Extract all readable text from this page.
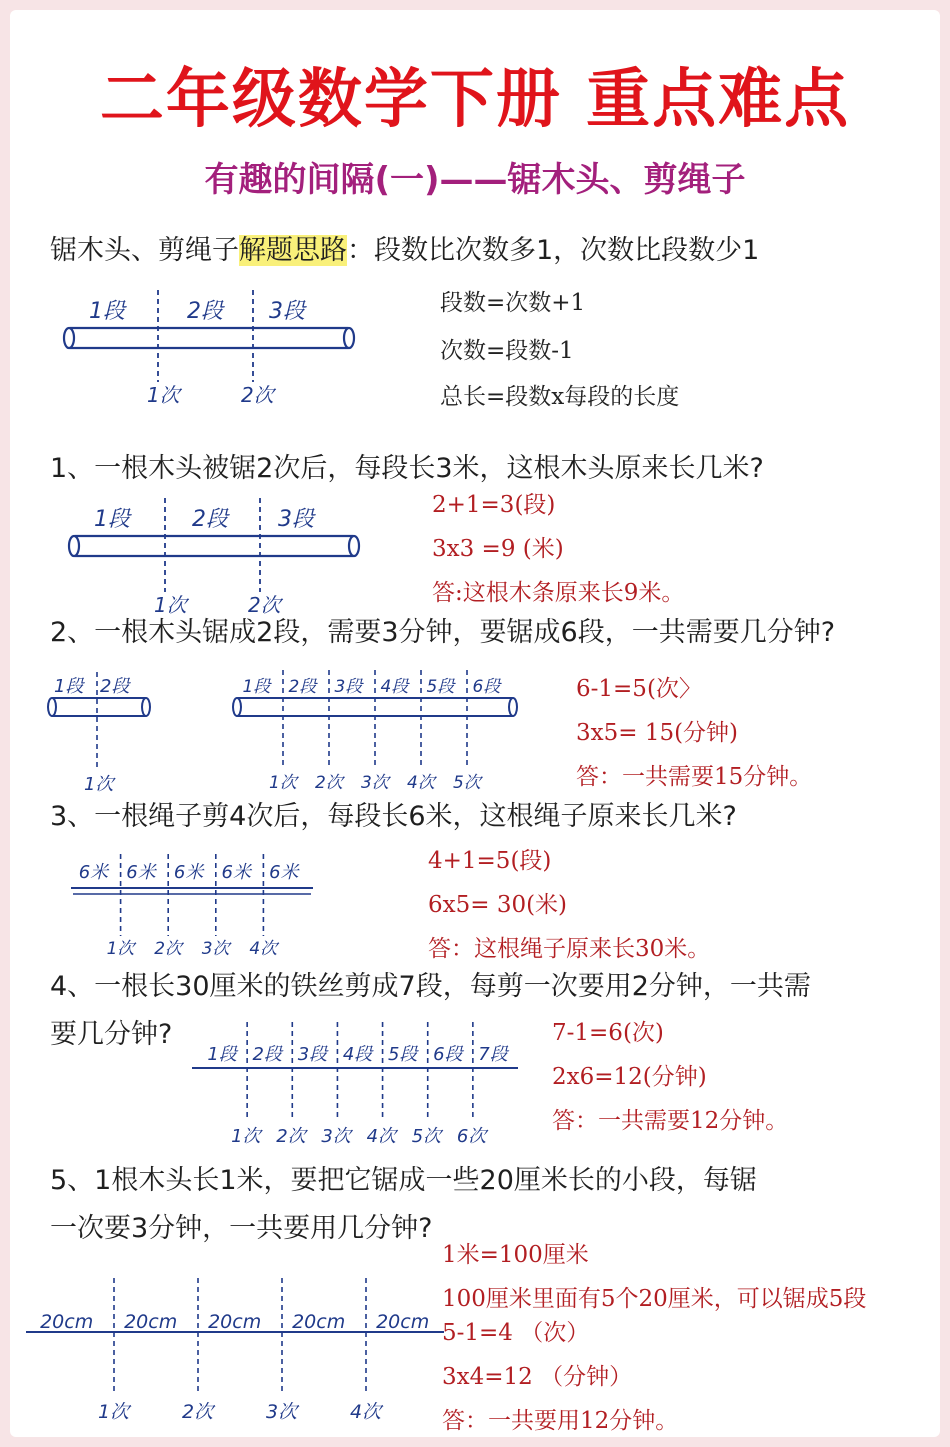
二年级数学下册 重点难点
有趣的间隔(一)——锯木头、剪绳子
锯木头、剪绳子解题思路：段数比次数多1，次数比段数少1
1段	2段 3段
1次	2次
段数=次数+1
次数=段数-1
总长=段数x每段的长度
1、一根木头被锯2次后，每段长3米，这根木头原来长几米?
1段	2段 3段
1次	2次
2+1=3(段)
3x3 =9 (米)
答:这根木条原来长9米。
2、一根木头锯成2段，需要3分钟，要锯成6段，一共需要几分钟?
1段 2段
1次
1段 2段 3段 4段 5段 6段
1次 2次 3次 4次 5次
6-1=5(次〉
3x5= 15(分钟)
答：一共需要15分钟。
3、一根绳子剪4次后，每段长6米，这根绳子原来长几米?
6米 6米 6米 6米 6米
1次 2次 3次 4次
4+1=5(段)
6x5= 30(米)
答：这根绳子原来长30米。
4、一根长30厘米的铁丝剪成7段，每剪一次要用2分钟，一共需
要几分钟?
1段 2段 3段 4段 5段 6段 7段
1次 2次 3次 4次 5次 6次
7-1=6(次)
2x6=12(分钟)
答：一共需要12分钟。
5、1根木头长1米，要把它锯成一些20厘米长的小段，每锯
一次要3分钟，一共要用几分钟?
20cm 20cm 20cm 20cm 20cm
1次	2次	3次	4次
1米=100厘米
100厘米里面有5个20厘米，可以锯成5段
5-1=4 （次）
3x4=12 （分钟）
答：一共要用12分钟。
